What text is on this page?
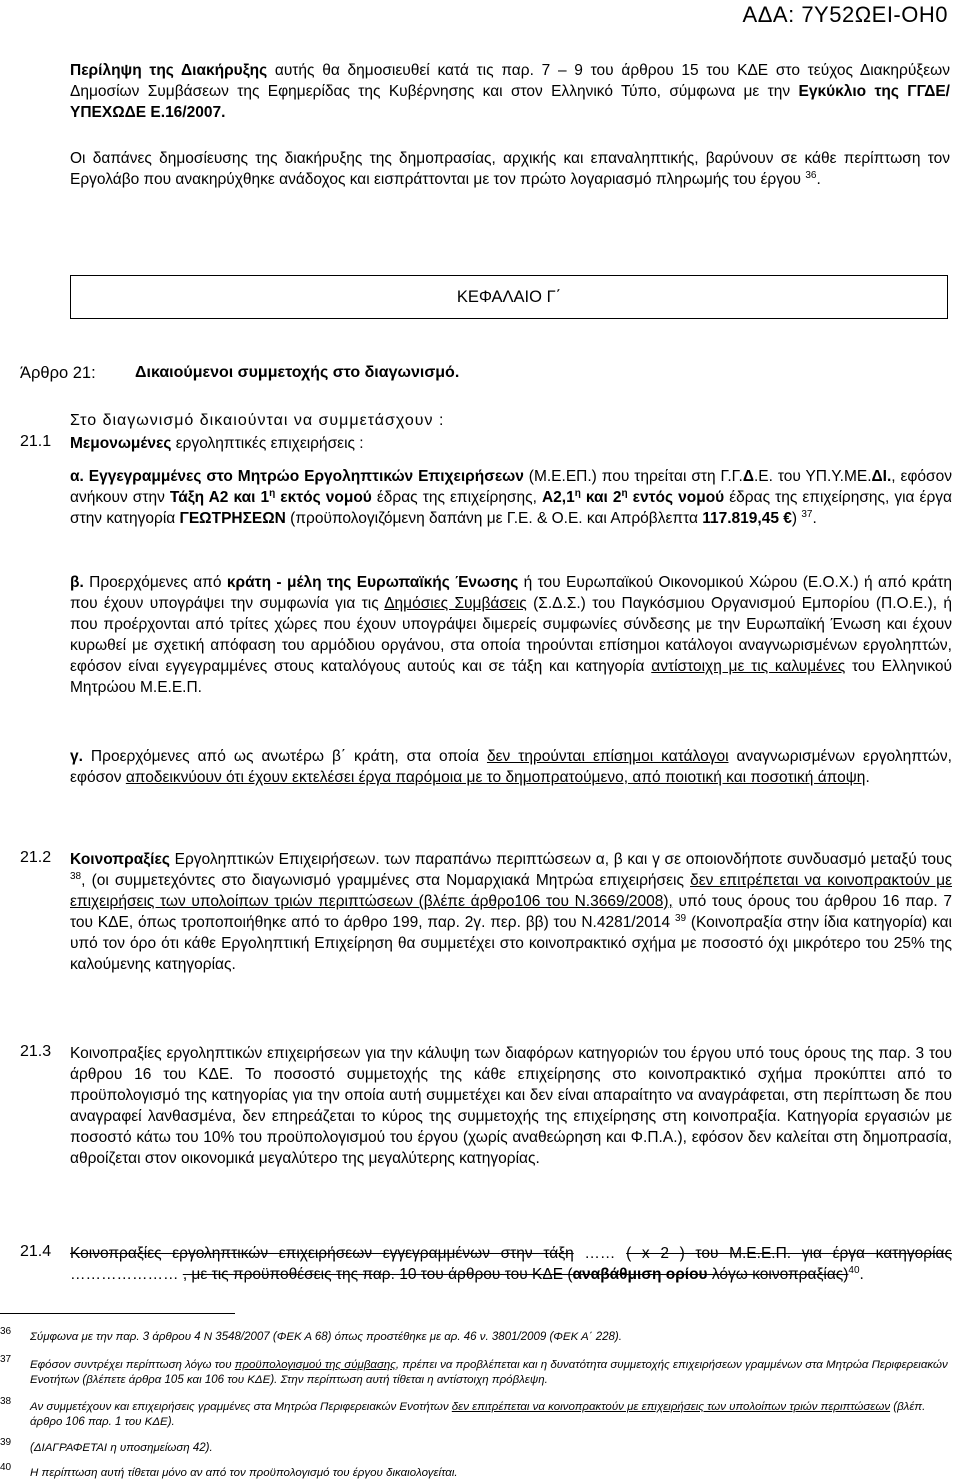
ΑΔΑ: 7Υ52ΩΕΙ-ΟΗ0

Περίληψη της Διακήρυξης αυτής θα δημοσιευθεί κατά τις παρ. 7 – 9 του άρθρου 15 του ΚΔΕ στο τεύχος Διακηρύξεων Δημοσίων Συμβάσεων της Εφημερίδας της Κυβέρνησης και στον Ελληνικό Τύπο, σύμφωνα με την Εγκύκλιο της ΓΓΔΕ/ ΥΠΕΧΩΔΕ Ε.16/2007.

Οι δαπάνες δημοσίευσης της διακήρυξης της δημοπρασίας, αρχικής και επαναληπτικής, βαρύνουν σε κάθε περίπτωση τον Εργολάβο που ανακηρύχθηκε ανάδοχος και εισπράττονται με τον πρώτο λογαριασμό πληρωμής του έργου $^{36}$.

ΚΕΦΑΛΑΙΟ Γ΄
Άρθρο 21: Δικαιούμενοι συμμετοχής στο διαγωνισμό.
Στο διαγωνισμό δικαιούνται να συμμετάσχουν :
21.1 Μεμονωμένες εργοληπτικές επιχειρήσεις :

α. Εγγεγραμμένες στο Μητρώο Εργοληπτικών Επιχειρήσεων (Μ.Ε.ΕΠ.) που τηρείται στη Γ.Γ.Δ.Ε. του ΥΠ.Υ.ΜΕ.ΔΙ., εφόσον ανήκουν στην Τάξη Α2 και $1^\eta$ εκτός νομού έδρας της επιχείρησης, $A2,1^\eta$ και $2^\eta$ εντός νομού έδρας της επιχείρησης, για έργα στην κατηγορία ΓΕΩΤΡΗΣΕΩΝ (προϋπολογιζόμενη δαπάνη με Γ.Ε. & Ο.Ε. και Απρόβλεπτα 117.819,45 €) $^{37}$.

β. Προερχόμενες από κράτη - μέλη της Ευρωπαϊκής Ένωσης ή του Ευρωπαϊκού Οικονομικού Χώρου (Ε.Ο.Χ.) ή από κράτη που έχουν υπογράψει την συμφωνία για τις Δημόσιες Συμβάσεις (Σ.Δ.Σ.) του Παγκόσμιου Οργανισμού Εμπορίου (Π.Ο.Ε.), ή που προέρχονται από τρίτες χώρες που έχουν υπογράψει διμερείς συμφωνίες σύνδεσης με την Ευρωπαϊκή Ένωση και έχουν κυρωθεί με σχετική απόφαση του αρμόδιου οργάνου, στα οποία τηρούνται επίσημοι κατάλογοι αναγνωρισμένων εργοληπτών, εφόσον είναι εγγεγραμμένες στους καταλόγους αυτούς και σε τάξη και κατηγορία αντίστοιχη με τις καλυμένες του Ελληνικού Μητρώου Μ.Ε.Ε.Π.

γ. Προερχόμενες από ως ανωτέρω β΄ κράτη, στα οποία δεν τηρούνται επίσημοι κατάλογοι αναγνωρισμένων εργοληπτών, εφόσον αποδεικνύουν ότι έχουν εκτελέσει έργα παρόμοια με το δημοπρατούμενο, από ποιοτική και ποσοτική άποψη.

21.2 Κοινοπραξίες Εργοληπτικών Επιχειρήσεων. των παραπάνω περιπτώσεων α, β και γ σε οποιονδήποτε συνδυασμό μεταξύ τους $^{38}$, (οι συμμετεχόντες στο διαγωνισμό γραμμένες στα Νομαρχιακά Μητρώα επιχειρήσεις δεν επιτρέπεται να κοινοπρακτούν με επιχειρήσεις των υπολοίπων τριών περιπτώσεων (βλέπε άρθρο106 του Ν.3669/2008), υπό τους όρους του άρθρου 16 παρ. 7 του ΚΔΕ, όπως τροποποιήθηκε από το άρθρο 199, παρ. 2γ. περ. ββ) του Ν.4281/2014 $^{39}$ (Κοινοπραξία στην ίδια κατηγορία) και υπό τον όρο ότι κάθε Εργοληπτική Επιχείρηση θα συμμετέχει στο κοινοπρακτικό σχήμα με ποσοστό όχι μικρότερο του 25% της καλούμενης κατηγορίας.

21.3 Κοινοπραξίες εργοληπτικών επιχειρήσεων για την κάλυψη των διαφόρων κατηγοριών του έργου υπό τους όρους της παρ. 3 του άρθρου 16 του ΚΔΕ. Το ποσοστό συμμετοχής της κάθε επιχείρησης στο κοινοπρακτικό σχήμα προκύπτει από το προϋπολογισμό της κατηγορίας για την οποία αυτή συμμετέχει και δεν είναι απαραίτητο να αναγράφεται, στη περίπτωση δε που αναγραφεί λανθασμένα, δεν επηρεάζεται το κύρος της συμμετοχής της επιχείρησης στη κοινοπραξία. Κατηγορία εργασιών με ποσοστό κάτω του 10% του προϋπολογισμού του έργου (χωρίς αναθεώρηση και Φ.Π.Α.), εφόσον δεν καλείται στη δημοπρασία, αθροίζεται στον οικονομικά μεγαλύτερο της μεγαλύτερης κατηγορίας.

21.4 Κοινοπραξίες εργοληπτικών επιχειρήσεων εγγεγραμμένων στην τάξη …… ( x 2 ) του Μ.Ε.Ε.Π. για έργα κατηγορίας ………………… , με τις προϋποθέσεις της παρ. 10 του άρθρου του ΚΔΕ (αναβάθμιση ορίου λόγω κοινοπραξίας)$^{40}$.

36 Σύμφωνα με την παρ. 3 άρθρου 4 Ν 3548/2007 (ΦΕΚ Α 68) όπως προστέθηκε με αρ. 46 ν. 3801/2009 (ΦΕΚ Α΄ 228).
37 Εφόσον συντρέχει περίπτωση λόγω του προϋπολογισμού της σύμβασης, πρέπει να προβλέπεται και η δυνατότητα συμμετοχής επιχειρήσεων γραμμένων στα Μητρώα Περιφερειακών Ενοτήτων (βλέπετε άρθρα 105 και 106 του ΚΔΕ). Στην περίπτωση αυτή τίθεται η αντίστοιχη πρόβλεψη.
38 Αν συμμετέχουν και επιχειρήσεις γραμμένες στα Μητρώα Περιφερειακών Ενοτήτων δεν επιτρέπεται να κοινοπρακτούν με επιχειρήσεις των υπολοίπων τριών περιπτώσεων (βλέπ. άρθρο 106 παρ. 1 του ΚΔΕ).
39 (ΔΙΑΓΡΑΦΕΤΑΙ η υποσημείωση 42).
40 Η περίπτωση αυτή τίθεται μόνο αν από τον προϋπολογισμό του έργου δικαιολογείται.
